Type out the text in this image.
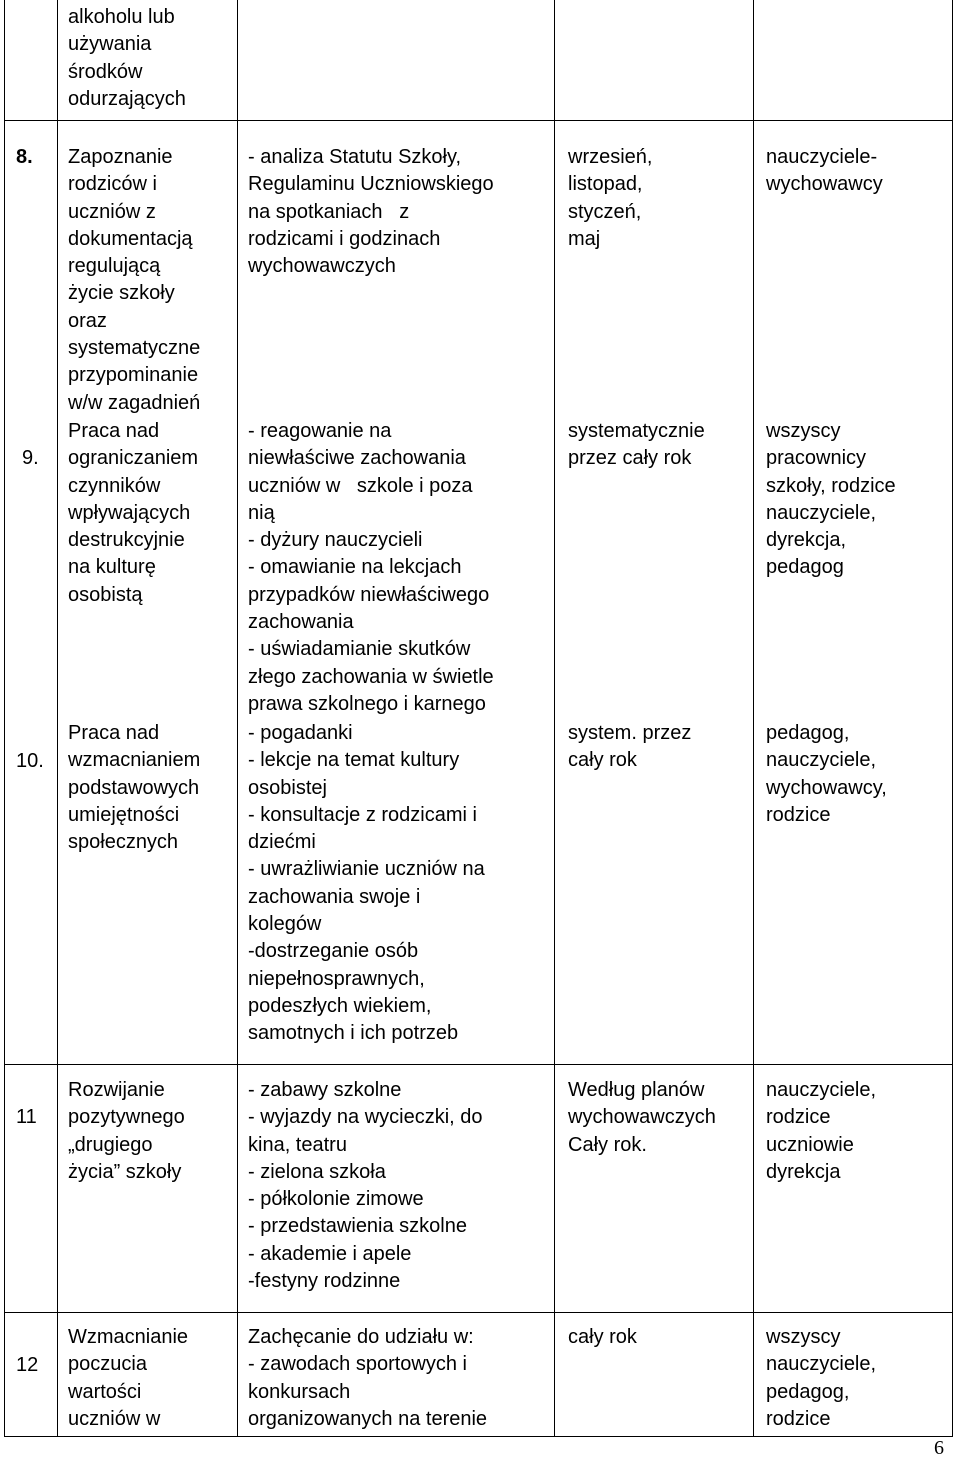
alkoholu lub
używania
środków
odurzających
8. Zapoznanie
rodziców i
uczniów z
dokumentacją
regulującą
życie szkoły
oraz
systematyczne
przypominanie
w/w zagadnień
- analiza Statutu Szkoły,
Regulaminu Uczniowskiego
na spotkaniach   z
rodzicami i godzinach
wychowawczych
wrzesień,
listopad,
styczeń,
maj
nauczyciele-
wychowawcy
9.
Praca nad
ograniczaniem
czynników
wpływających
destrukcyjnie
na kulturę
osobistą
- reagowanie na
niewłaściwe zachowania
uczniów w   szkole i poza
nią
- dyżury nauczycieli
- omawianie na lekcjach
przypadków niewłaściwego
zachowania
- uświadamianie skutków
złego zachowania w świetle
prawa szkolnego i karnego
systematycznie
przez cały rok
wszyscy
pracownicy
szkoły, rodzice
nauczyciele,
dyrekcja,
pedagog
10.
Praca nad
wzmacnianiem
podstawowych
umiejętności
społecznych
- pogadanki
- lekcje na temat kultury
osobistej
- konsultacje z rodzicami i
dziećmi
- uwrażliwianie uczniów na
zachowania swoje i
kolegów
-dostrzeganie osób
niepełnosprawnych,
podeszłych wiekiem,
samotnych i ich potrzeb
system. przez
cały rok
pedagog,
nauczyciele,
wychowawcy,
rodzice
11
Rozwijanie
pozytywnego
„drugiego
życia” szkoły
- zabawy szkolne
- wyjazdy na wycieczki, do
kina, teatru
- zielona szkoła
- półkolonie zimowe
- przedstawienia szkolne
- akademie i apele
-festyny rodzinne
Według planów
wychowawczych
Cały rok.
nauczyciele,
rodzice
uczniowie
dyrekcja
12
Wzmacnianie
poczucia
wartości
uczniów w
Zachęcanie do udziału w:
- zawodach sportowych i
konkursach
organizowanych na terenie
cały rok	wszyscy
nauczyciele,
pedagog,
rodzice
6
